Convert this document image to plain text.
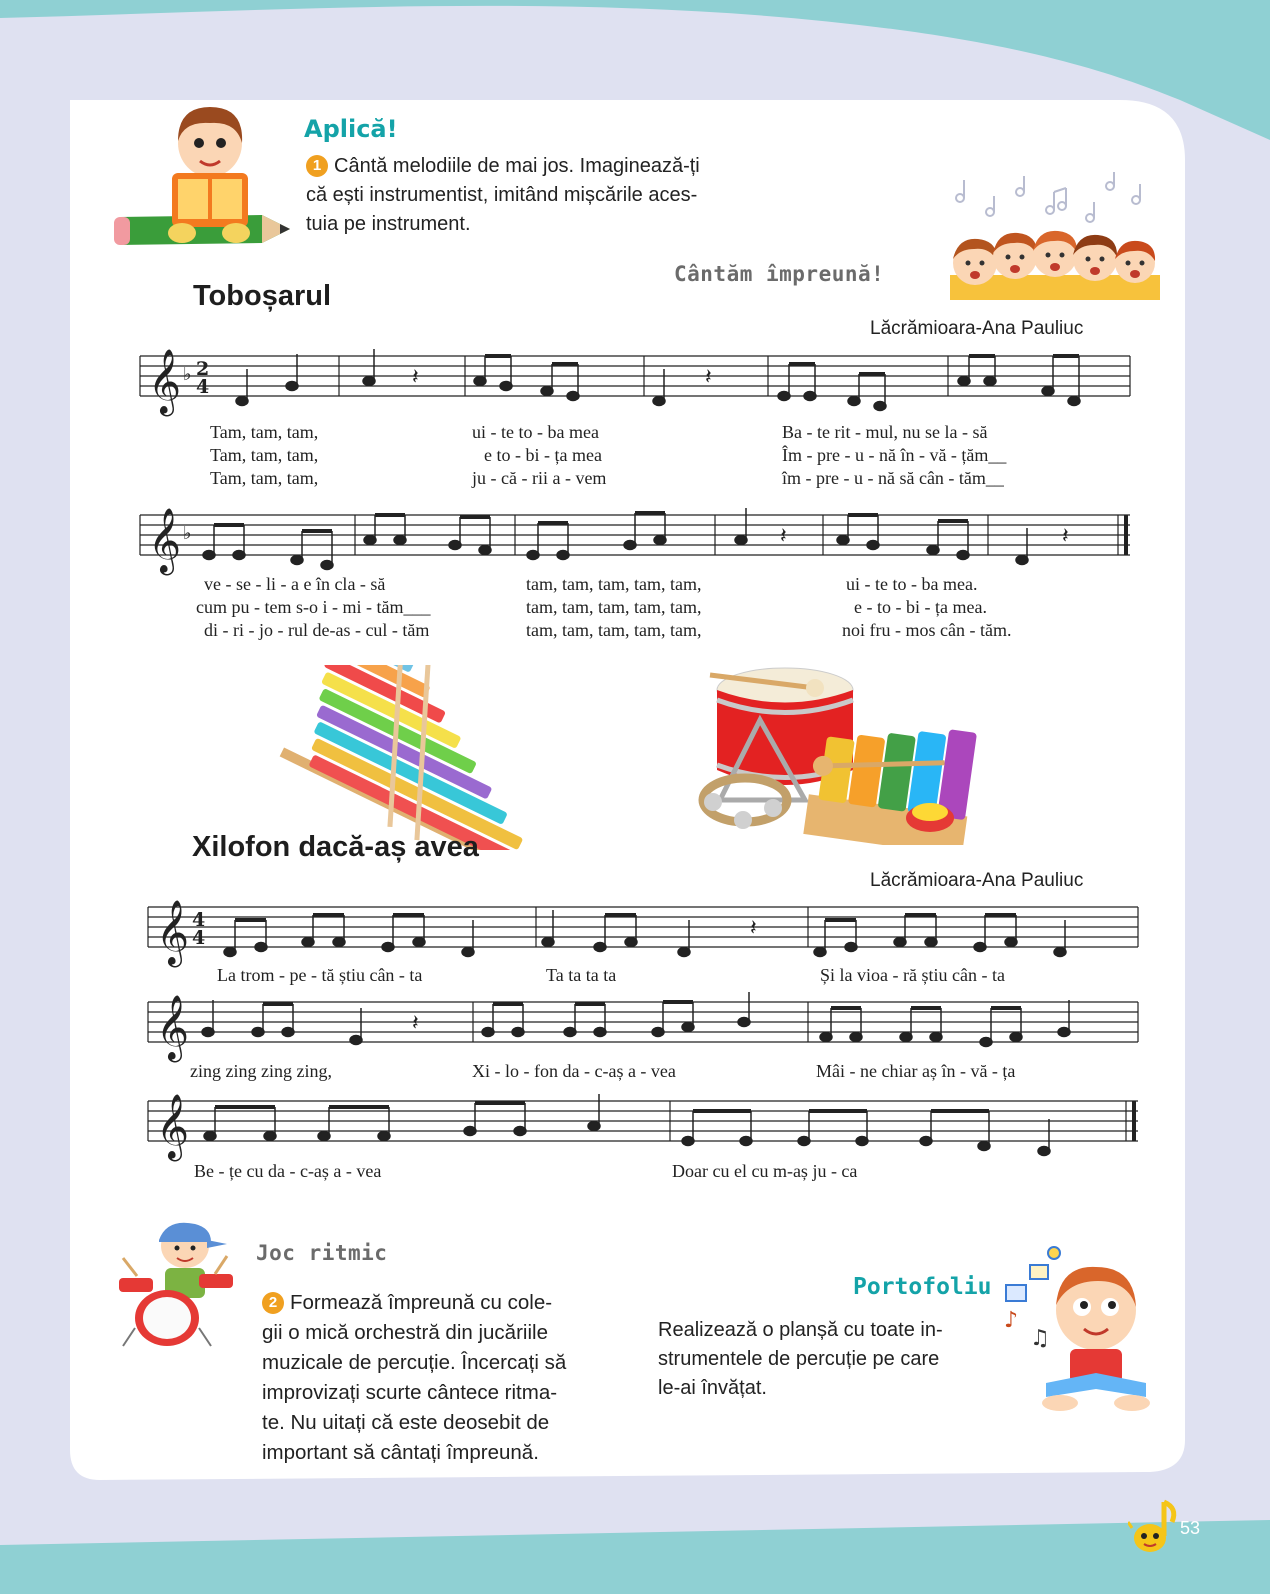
Aplică!
1 Cântă melodiile de mai jos. Imaginează-ți
că ești instrumentist, imitând mișcările aces-
tuia pe instrument.
Cântăm împreună!
Toboșarul
Lăcrămioara-Ana Pauliuc
𝄞 ♭ 2
4	𝄽	𝄽
Tam, tam, tam,	ui - te to - ba mea	Ba - te rit - mul, nu se la - să
Tam, tam, tam,	e to - bi - ța mea	Îm - pre - u - nă în - vă - țăm__
Tam, tam, tam,	ju - că - rii a - vem	îm - pre - u - nă să cân - tăm__
𝄞 ♭	𝄽	𝄽
ve - se - li - a e în cla - să	tam, tam, tam, tam, tam,	ui - te to - ba mea.
cum pu - tem s-o i - mi - tăm___	tam, tam, tam, tam, tam,	e - to - bi - ța mea.
di - ri - jo - rul de-as - cul - tăm	tam, tam, tam, tam, tam,	noi fru - mos cân - tăm.
Xilofon dacă-aș avea
Lăcrămioara-Ana Pauliuc
𝄞 4
4	𝄽
La trom - pe - tă știu cân - ta	Ta ta ta ta	Și la vioa - ră știu cân - ta
𝄞	𝄽
zing zing zing zing,	Xi - lo - fon da - c-aș a - vea	Mâi - ne chiar aș în - vă - ța
𝄞
Be - țe cu da - c-aș a - vea	Doar cu el cu m-aș ju - ca
Joc ritmic
2 Formează împreună cu cole-
gii o mică orchestră din jucăriile
muzicale de percuție. Încercați să
improvizați scurte cântece ritma-
te. Nu uitați că este deosebit de
important să cântați împreună.
Portofoliu
Realizează o planșă cu toate in-
strumentele de percuție pe care
le-ai învățat.
♪
♫
53
